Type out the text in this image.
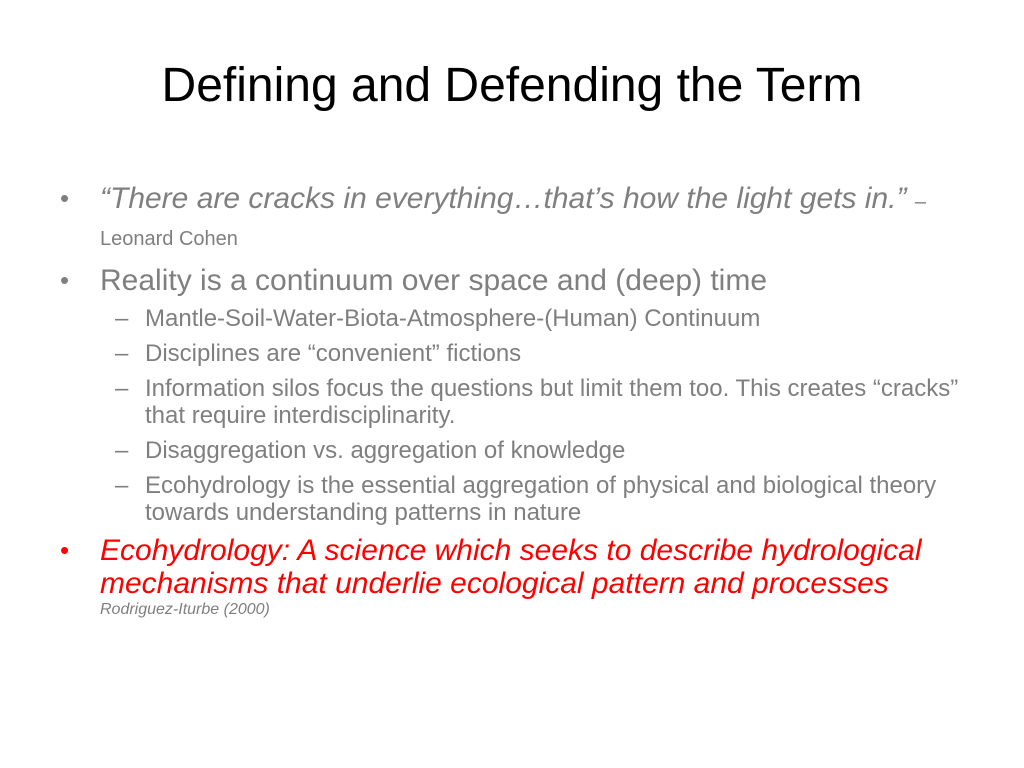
Defining and Defending the Term
•	“There are cracks in everything…that’s how the light gets in.” – Leonard Cohen
•	Reality is a continuum over space and (deep) time
– Mantle-Soil-Water-Biota-Atmosphere-(Human) Continuum
– Disciplines are “convenient” fictions
– Information silos focus the questions but limit them too. This creates “cracks” that require interdisciplinarity.
– Disaggregation vs. aggregation of knowledge
– Ecohydrology is the essential aggregation of physical and biological theory towards understanding patterns in nature
•	Ecohydrology: A science which seeks to describe hydrological mechanisms that underlie ecological pattern and processes
Rodriguez-Iturbe (2000)
